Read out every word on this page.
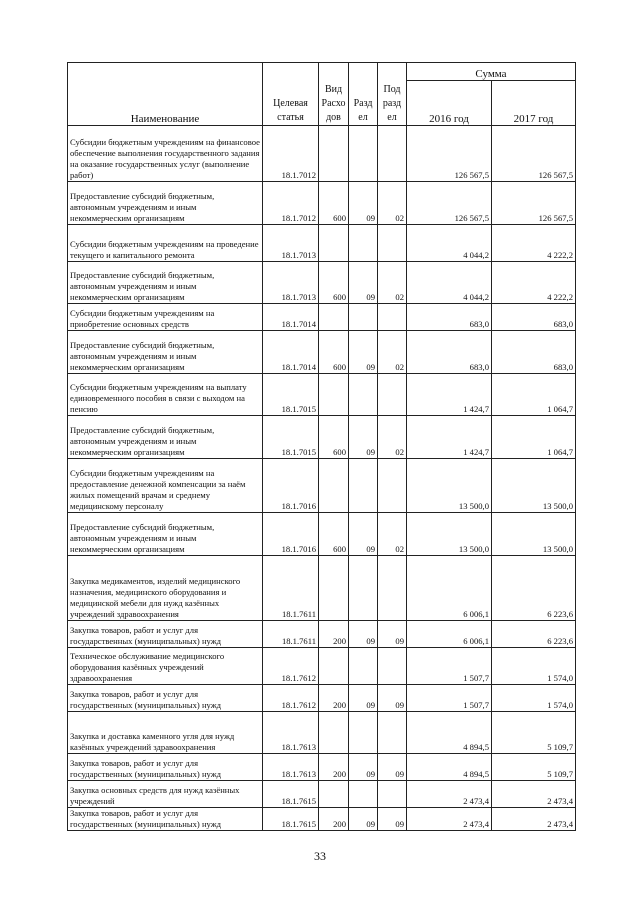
Наименование	Целевая статья	Вид Расхо дов	Разд ел	Под разд ел	Сумма	
					2016 год	2017 год
Субсидии бюджетным учреждениям на финансовое обеспечение выполнения государственного задания на оказание государственных услуг (выполнение работ)	18.1.7012				126 567,5	126 567,5
Предоставление субсидий бюджетным, автономным учреждениям и иным некоммерческим организациям	18.1.7012	600	09	02	126 567,5	126 567,5
Субсидии бюджетным учреждениям на проведение текущего и капитального ремонта	18.1.7013				4 044,2	4 222,2
Предоставление субсидий бюджетным, автономным учреждениям и иным некоммерческим организациям	18.1.7013	600	09	02	4 044,2	4 222,2
Субсидии бюджетным учреждениям на приобретение основных средств	18.1.7014				683,0	683,0
Предоставление субсидий бюджетным, автономным учреждениям и иным некоммерческим организациям	18.1.7014	600	09	02	683,0	683,0
Субсидии бюджетным учреждениям на выплату единовременного пособия в связи с выходом на пенсию	18.1.7015				1 424,7	1 064,7
Предоставление субсидий бюджетным, автономным учреждениям и иным некоммерческим организациям	18.1.7015	600	09	02	1 424,7	1 064,7
Субсидии бюджетным учреждениям на предоставление денежной компенсации за наём жилых помещений врачам и среднему медицинскому персоналу	18.1.7016				13 500,0	13 500,0
Предоставление субсидий бюджетным, автономным учреждениям и иным некоммерческим организациям	18.1.7016	600	09	02	13 500,0	13 500,0
Закупка медикаментов, изделий медицинского назначения, медицинского оборудования и медицинской мебели для нужд казённых учреждений здравоохранения	18.1.7611				6 006,1	6 223,6
Закупка товаров, работ и услуг для государственных (муниципальных) нужд	18.1.7611	200	09	09	6 006,1	6 223,6
Техническое обслуживание медицинского оборудования казённых учреждений здравоохранения	18.1.7612				1 507,7	1 574,0
Закупка товаров, работ и услуг для государственных (муниципальных) нужд	18.1.7612	200	09	09	1 507,7	1 574,0
Закупка и доставка каменного угля для нужд казённых учреждений здравоохранения	18.1.7613				4 894,5	5 109,7
Закупка товаров, работ и услуг для государственных (муниципальных) нужд	18.1.7613	200	09	09	4 894,5	5 109,7
Закупка основных средств для нужд казённых учреждений	18.1.7615				2 473,4	2 473,4
Закупка товаров, работ и услуг для государственных (муниципальных) нужд	18.1.7615	200	09	09	2 473,4	2 473,4
33
